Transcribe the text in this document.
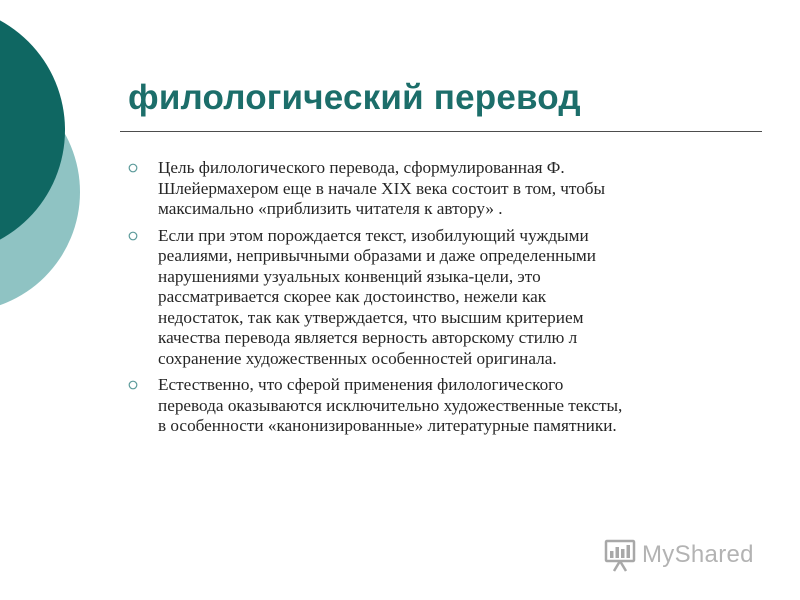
филологический перевод
Цель филологического перевода, сформулированная Ф.
Шлейермахером еще в начале XIX века состоит в том, чтобы
максимально «приблизить читателя к автору» .
Если при этом порождается текст, изобилующий чуждыми
реалиями, непривычными образами и даже определенными
нарушениями узуальных конвенций языка-цели, это
рассматривается скорее как достоинство, нежели как
недостаток, так как утверждается, что высшим критерием
качества перевода является верность авторскому стилю л
сохранение художественных особенностей оригинала.
Естественно, что сферой применения филологического
перевода оказываются исключительно художественные тексты,
в особенности «канонизированные» литературные памятники.
MyShared
